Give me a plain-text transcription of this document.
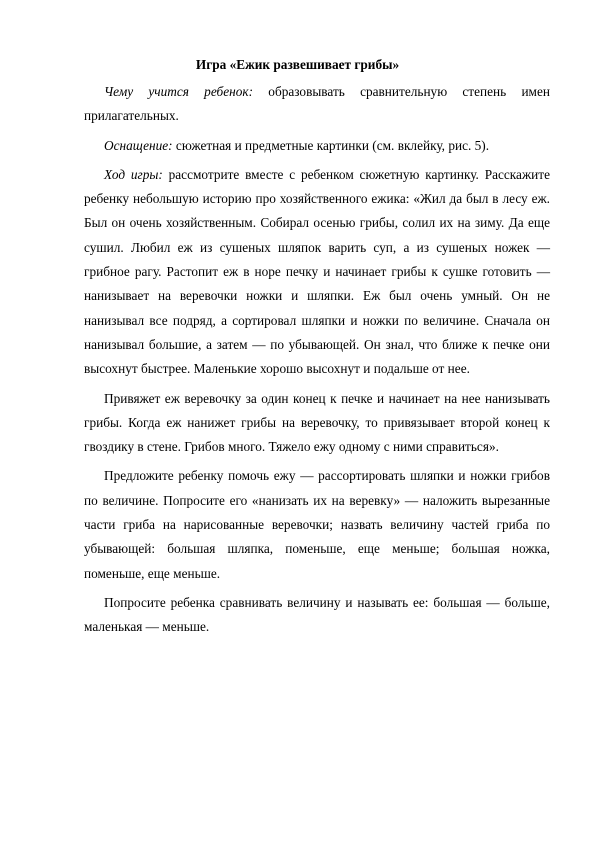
Игра «Ежик развешивает грибы»

Чему учится ребенок: образовывать сравнительную степень имен прилагательных.

Оснащение: сюжетная и предметные картинки (см. вклейку, рис. 5).

Ход игры: рассмотрите вместе с ребенком сюжетную картинку. Расскажите ребенку небольшую историю про хозяйственного ежика: «Жил да был в лесу еж. Был он очень хозяйственным. Собирал осенью грибы, солил их на зиму. Да еще сушил. Любил еж из сушеных шляпок варить суп, а из сушеных ножек — грибное рагу. Растопит еж в норе печку и начинает грибы к сушке готовить — нанизывает на веревочки ножки и шляпки. Еж был очень умный. Он не нанизывал все подряд, а сортировал шляпки и ножки по величине. Сначала он нанизывал большие, а затем — по убывающей. Он знал, что ближе к печке они высохнут быстрее. Маленькие хорошо высохнут и подальше от нее.

Привяжет еж веревочку за один конец к печке и начинает на нее нанизывать грибы. Когда еж нанижет грибы на веревочку, то привязывает второй конец к гвоздику в стене. Грибов много. Тяжело ежу одному с ними справиться».

Предложите ребенку помочь ежу — рассортировать шляпки и ножки грибов по величине. Попросите его «нанизать их на веревку» — наложить вырезанные части гриба на нарисованные веревочки; назвать величину частей гриба по убывающей: большая шляпка, поменьше, еще меньше; большая ножка, поменьше, еще меньше.

Попросите ребенка сравнивать величину и называть ее: большая — больше, маленькая — меньше.
